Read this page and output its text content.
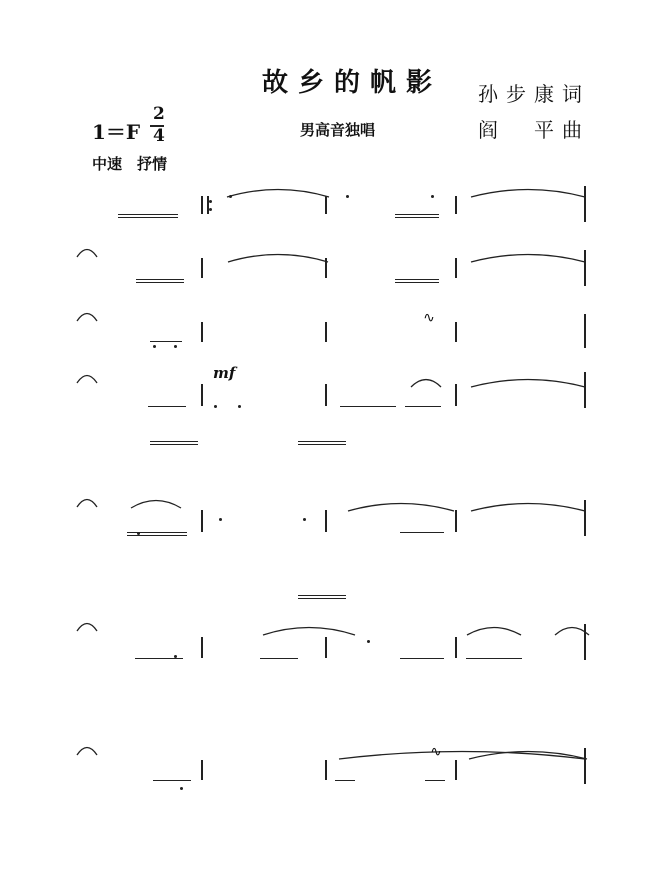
故乡的帆影 孙步康词
阎　平曲
1＝F
2
4	男高音独唱
中速　抒情
mf
∿
∿
